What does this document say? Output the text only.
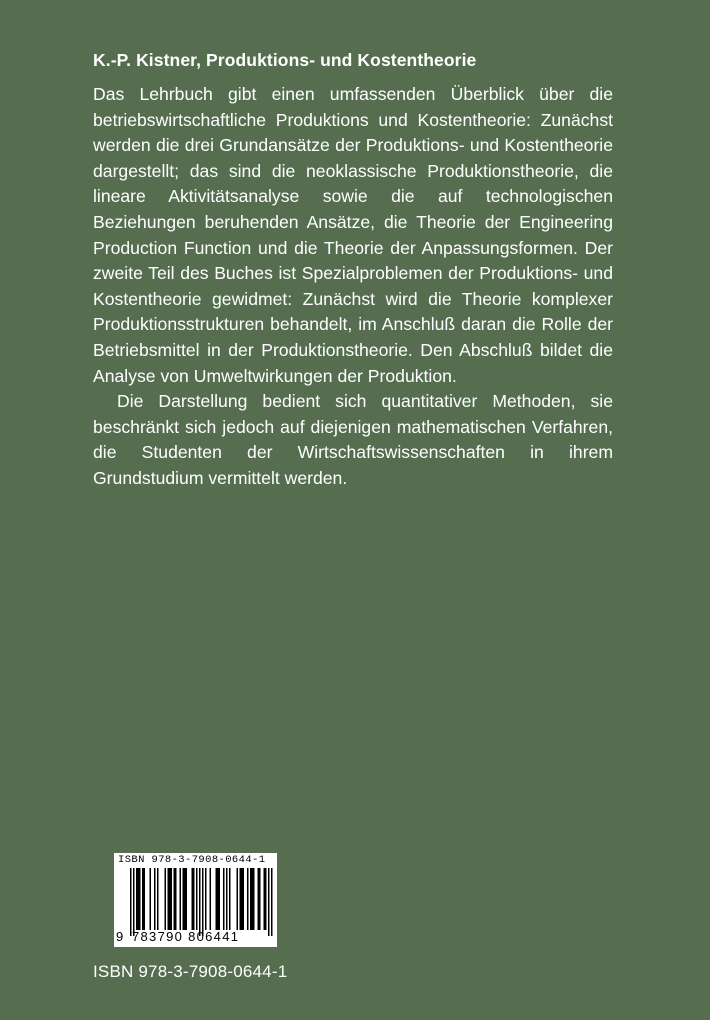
K.-P. Kistner, Produktions- und Kostentheorie

Das Lehrbuch gibt einen umfassenden Überblick über die betriebswirtschaftliche Produktions und Kostentheorie: Zunächst werden die drei Grundansätze der Produktions- und Kostentheorie dargestellt; das sind die neoklassische Produktionstheorie, die lineare Aktivitätsanalyse sowie die auf technologischen Beziehungen beruhenden Ansätze, die Theorie der Engineering Production Function und die Theorie der Anpassungsformen. Der zweite Teil des Buches ist Spezialproblemen der Produktions- und Kostentheorie gewidmet: Zunächst wird die Theorie komplexer Produktionsstrukturen behandelt, im Anschluß daran die Rolle der Betriebsmittel in der Produktionstheorie. Den Abschluß bildet die Analyse von Umweltwirkungen der Produktion.

Die Darstellung bedient sich quantitativer Methoden, sie beschränkt sich jedoch auf diejenigen mathematischen Verfahren, die Studenten der Wirtschaftswissenschaften in ihrem Grundstudium vermittelt werden.

ISBN 978-3-7908-0644-1
9 783790 806441
ISBN 978-3-7908-0644-1
